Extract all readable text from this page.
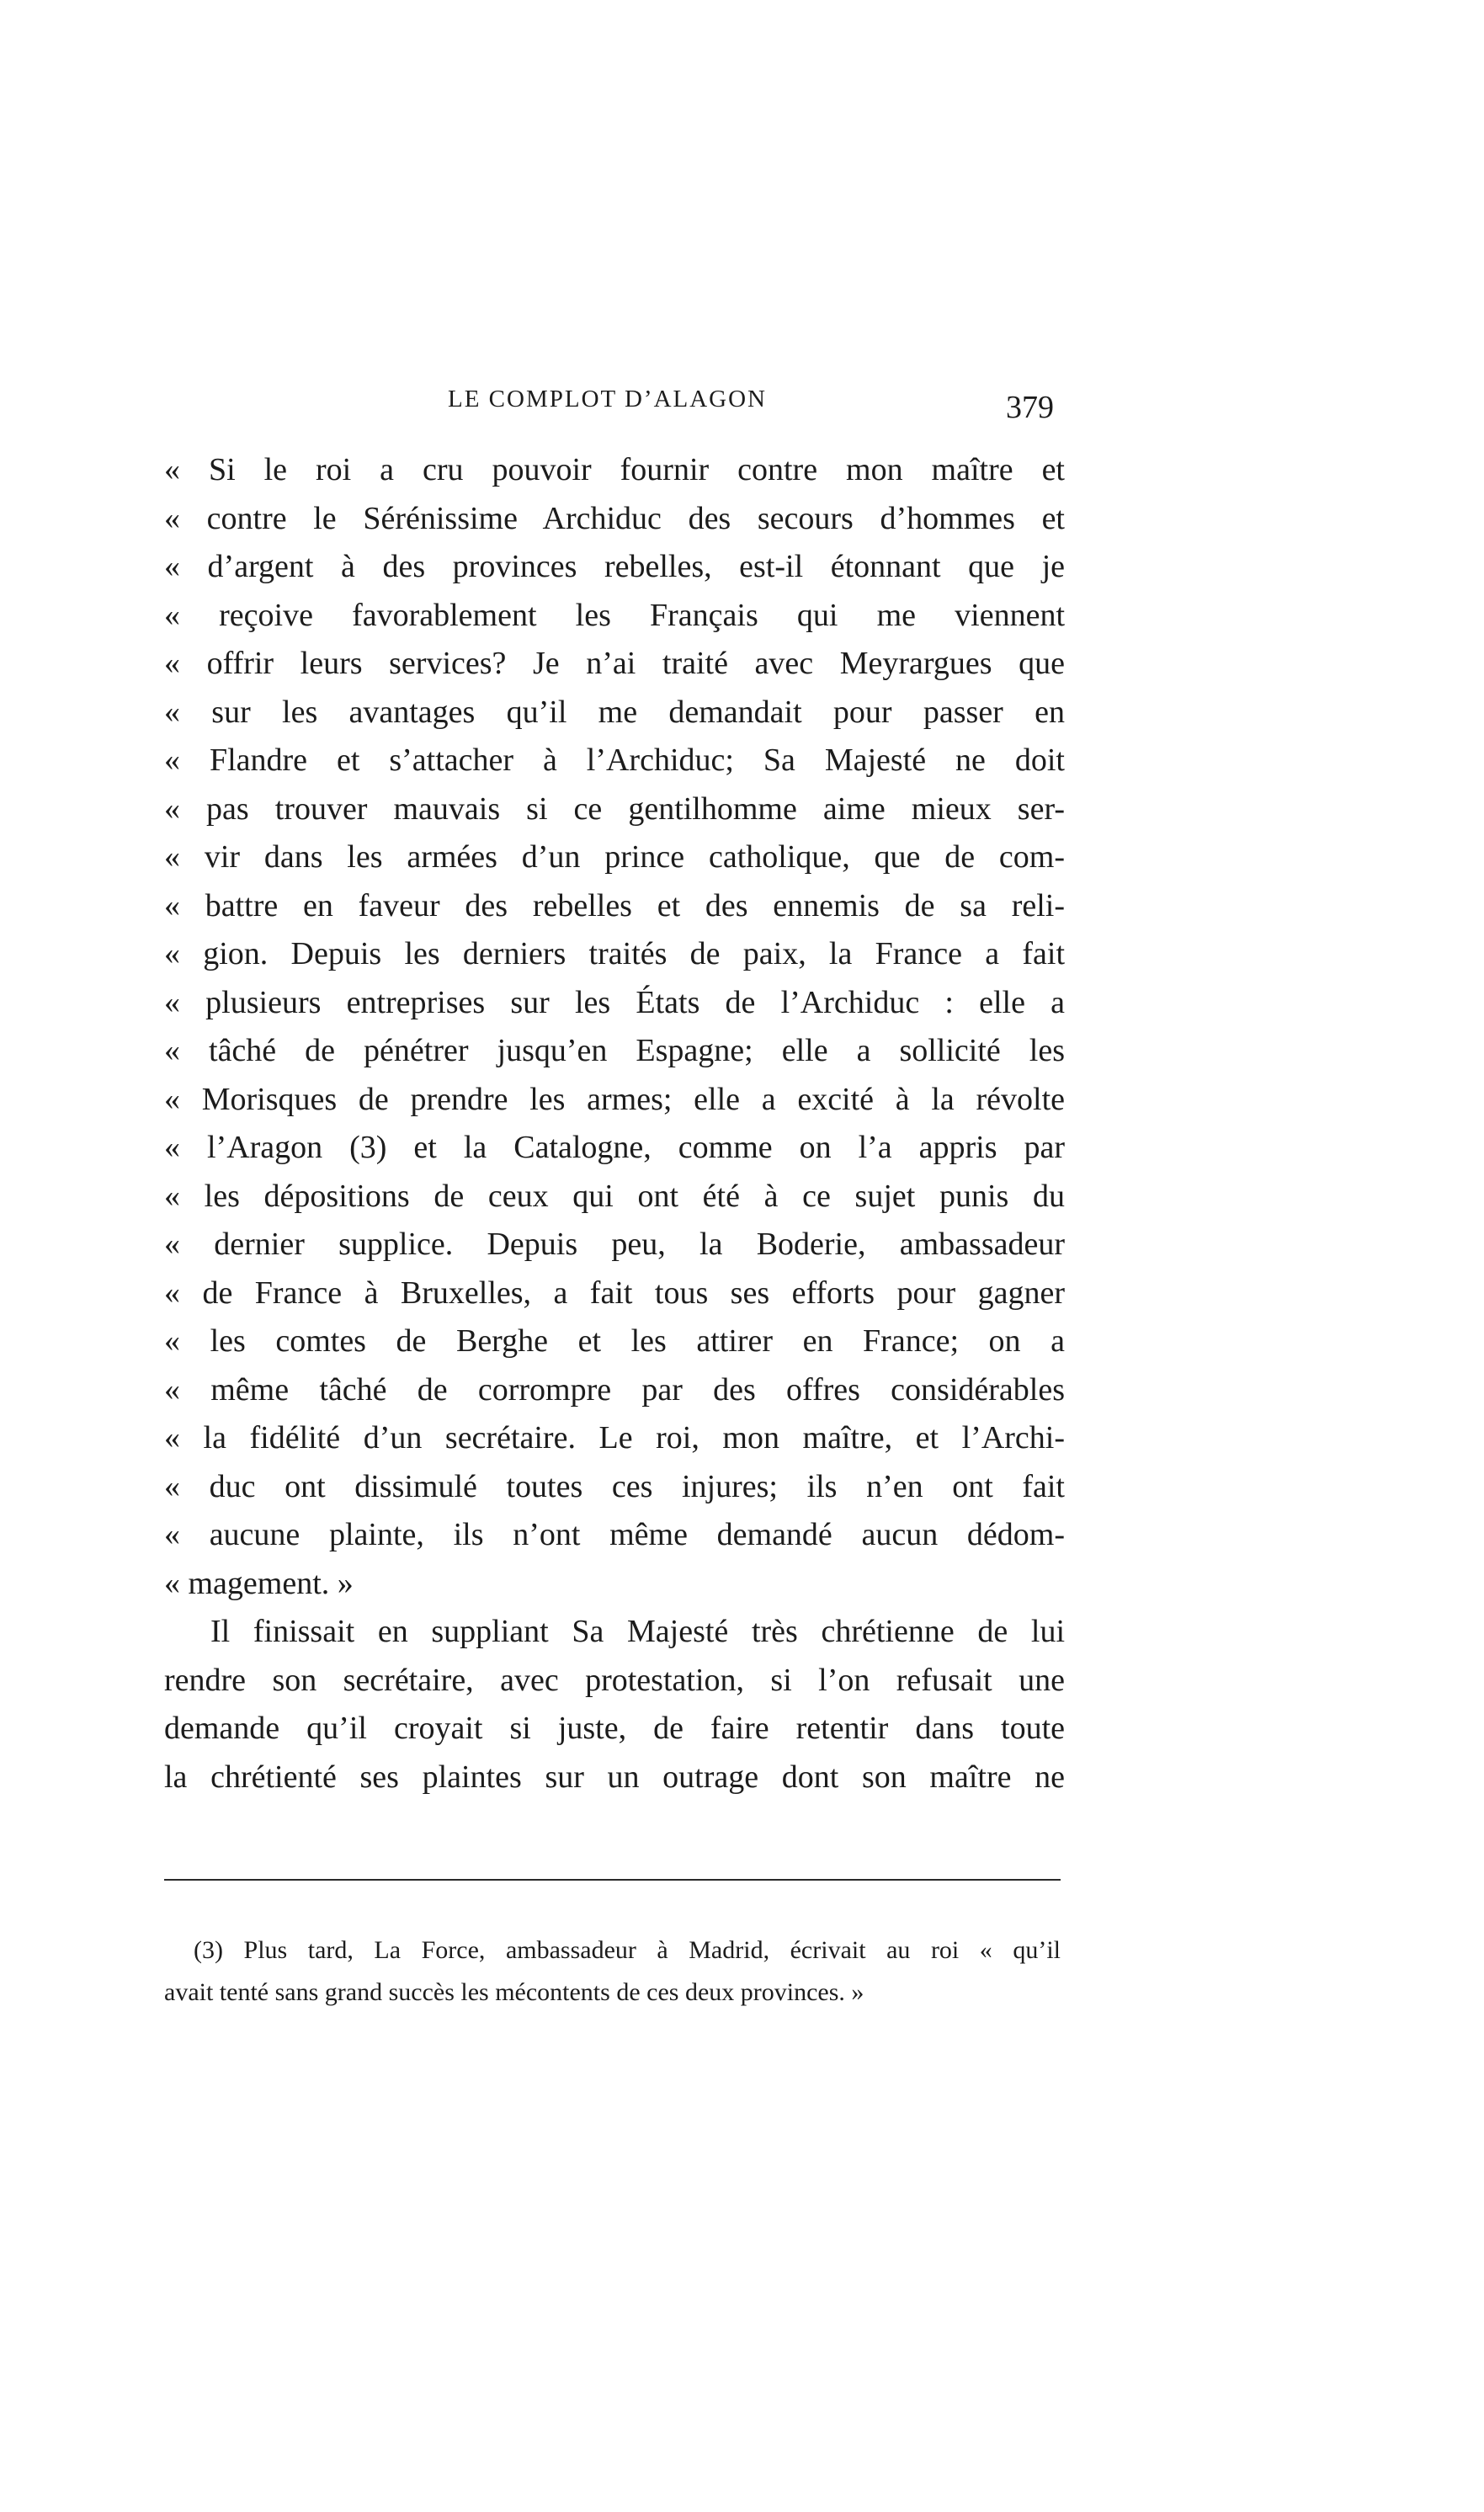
LE COMPLOT D’ALAGON	379
« Si le roi a cru pouvoir fournir contre mon maître et
« contre le Sérénissime Archiduc des secours d’hommes et
« d’argent à des provinces rebelles, est-il étonnant que je
« reçoive favorablement les Français qui me viennent
« offrir leurs services? Je n’ai traité avec Meyrargues que
« sur les avantages qu’il me demandait pour passer en
« Flandre et s’attacher à l’Archiduc; Sa Majesté ne doit
« pas trouver mauvais si ce gentilhomme aime mieux ser-
« vir dans les armées d’un prince catholique, que de com-
« battre en faveur des rebelles et des ennemis de sa reli-
« gion. Depuis les derniers traités de paix, la France a fait
« plusieurs entreprises sur les États de l’Archiduc : elle a
« tâché de pénétrer jusqu’en Espagne; elle a sollicité les
« Morisques de prendre les armes; elle a excité à la révolte
« l’Aragon (3) et la Catalogne, comme on l’a appris par
« les dépositions de ceux qui ont été à ce sujet punis du
« dernier supplice. Depuis peu, la Boderie, ambassadeur
« de France à Bruxelles, a fait tous ses efforts pour gagner
« les comtes de Berghe et les attirer en France; on a
« même tâché de corrompre par des offres considérables
« la fidélité d’un secrétaire. Le roi, mon maître, et l’Archi-
« duc ont dissimulé toutes ces injures; ils n’en ont fait
« aucune plainte, ils n’ont même demandé aucun dédom-
« magement. »
Il finissait en suppliant Sa Majesté très chrétienne de lui
rendre son secrétaire, avec protestation, si l’on refusait une
demande qu’il croyait si juste, de faire retentir dans toute
la chrétienté ses plaintes sur un outrage dont son maître ne
(3) Plus tard, La Force, ambassadeur à Madrid, écrivait au roi « qu’il
avait tenté sans grand succès les mécontents de ces deux provinces. »
